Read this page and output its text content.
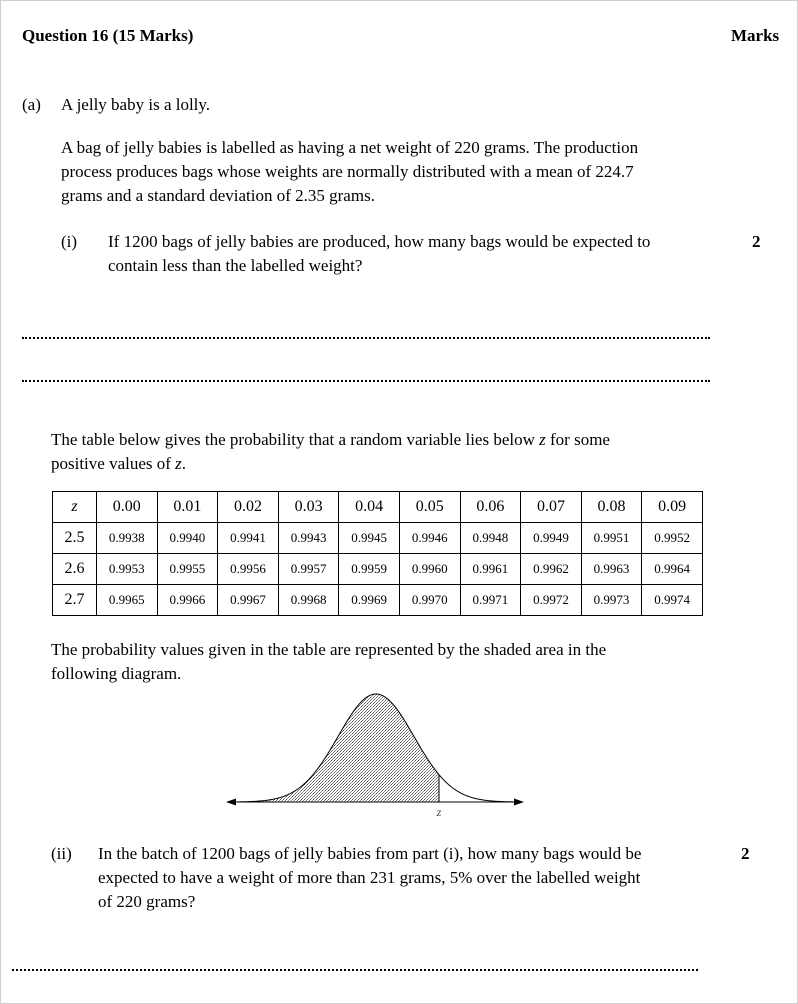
Question 16 (15 Marks)	Marks
(a) A jelly baby is a lolly.
A bag of jelly babies is labelled as having a net weight of 220 grams. The production
process produces bags whose weights are normally distributed with a mean of 224.7
grams and a standard deviation of 2.35 grams.
(i) If 1200 bags of jelly babies are produced, how many bags would be expected to
contain less than the labelled weight?
2
The table below gives the probability that a random variable lies below z for some
positive values of z.
z	0.00	0.01	0.02	0.03	0.04	0.05	0.06	0.07	0.08	0.09
2.5	0.9938	0.9940	0.9941	0.9943	0.9945	0.9946	0.9948	0.9949	0.9951	0.9952
2.6	0.9953	0.9955	0.9956	0.9957	0.9959	0.9960	0.9961	0.9962	0.9963	0.9964
2.7	0.9965	0.9966	0.9967	0.9968	0.9969	0.9970	0.9971	0.9972	0.9973	0.9974
The probability values given in the table are represented by the shaded area in the
following diagram.
z
(ii) In the batch of 1200 bags of jelly babies from part (i), how many bags would be
expected to have a weight of more than 231 grams, 5% over the labelled weight
of 220 grams?
2
